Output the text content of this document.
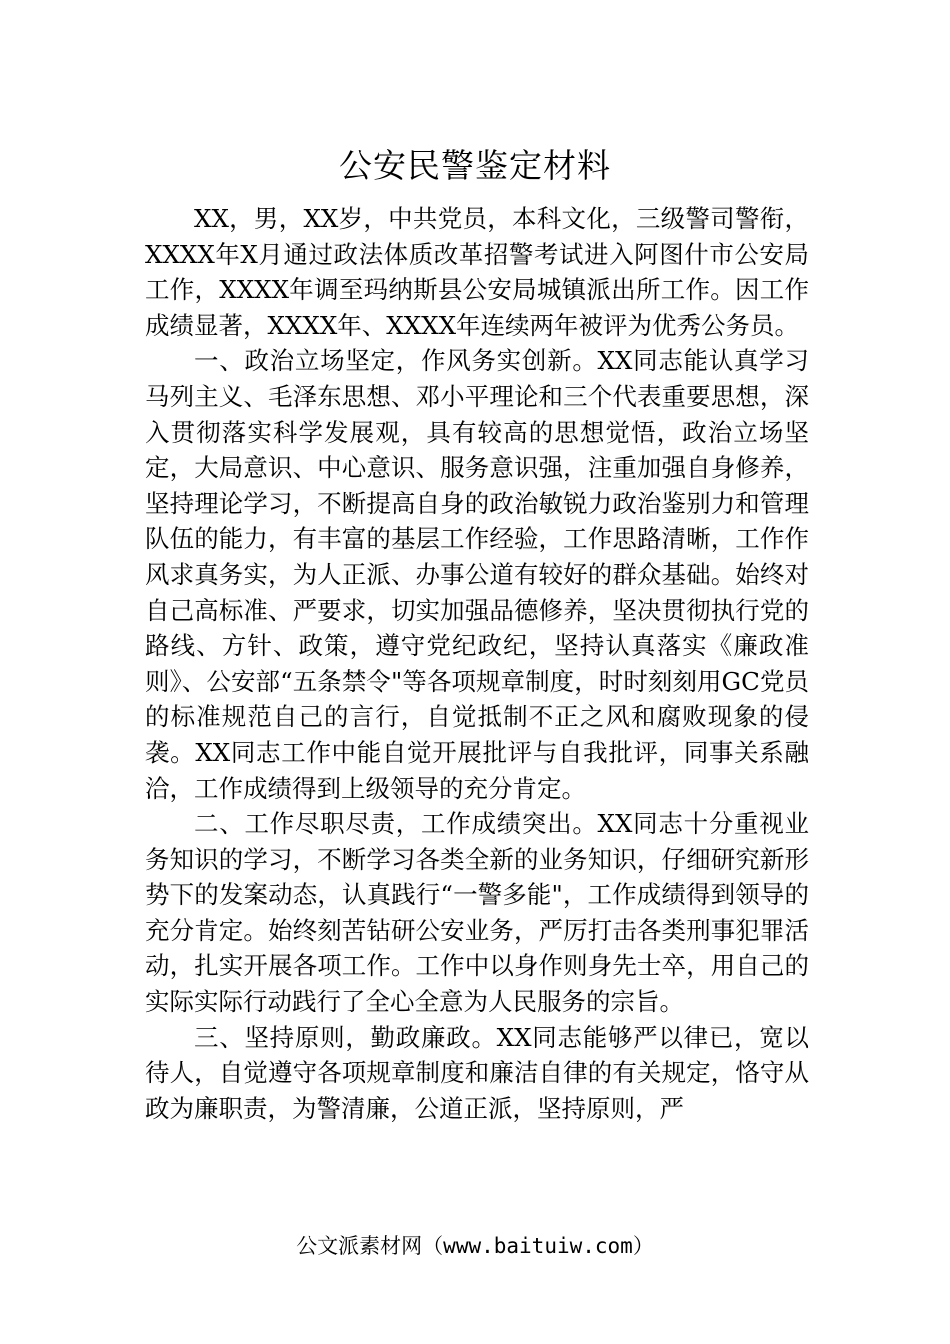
公安民警鉴定材料

XX，男，XX岁，中共党员，本科文化，三级警司警衔，XXXX年X月通过政法体质改革招警考试进入阿图什市公安局工作，XXXX年调至玛纳斯县公安局城镇派出所工作。因工作成绩显著，XXXX年、XXXX年连续两年被评为优秀公务员。

一、政治立场坚定，作风务实创新。XX同志能认真学习马列主义、毛泽东思想、邓小平理论和三个代表重要思想，深入贯彻落实科学发展观，具有较高的思想觉悟，政治立场坚定，大局意识、中心意识、服务意识强，注重加强自身修养，坚持理论学习，不断提高自身的政治敏锐力政治鉴别力和管理队伍的能力，有丰富的基层工作经验，工作思路清晰，工作作风求真务实，为人正派、办事公道有较好的群众基础。始终对自己高标准、严要求，切实加强品德修养，坚决贯彻执行党的路线、方针、政策，遵守党纪政纪，坚持认真落实《廉政准则》、公安部“五条禁令"等各项规章制度，时时刻刻用GC党员的标准规范自己的言行，自觉抵制不正之风和腐败现象的侵袭。XX同志工作中能自觉开展批评与自我批评，同事关系融洽，工作成绩得到上级领导的充分肯定。

二、工作尽职尽责，工作成绩突出。XX同志十分重视业务知识的学习，不断学习各类全新的业务知识，仔细研究新形势下的发案动态，认真践行“一警多能"，工作成绩得到领导的充分肯定。始终刻苦钻研公安业务，严厉打击各类刑事犯罪活动，扎实开展各项工作。工作中以身作则身先士卒，用自己的实际实际行动践行了全心全意为人民服务的宗旨。

三、坚持原则，勤政廉政。XX同志能够严以律已，宽以待人，自觉遵守各项规章制度和廉洁自律的有关规定，恪守从政为廉职责，为警清廉，公道正派，坚持原则，严

公文派素材网（www.baituiw.com）
